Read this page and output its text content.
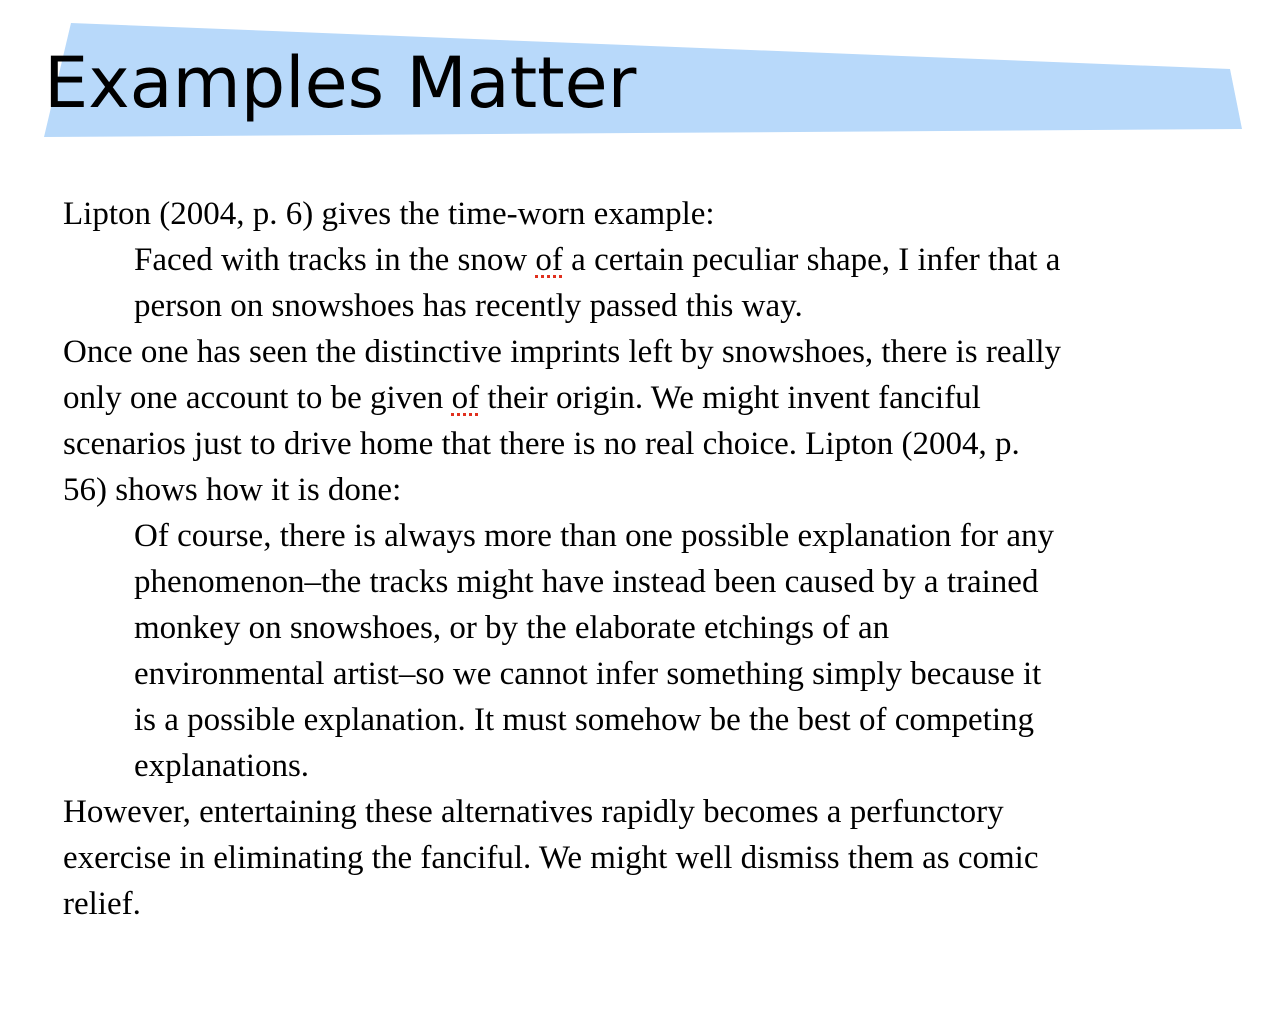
Examples Matter

Lipton (2004, p. 6) gives the time-worn example:

Faced with tracks in the snow of a certain peculiar shape, I infer that a person on snowshoes has recently passed this way.

Once one has seen the distinctive imprints left by snowshoes, there is really only one account to be given of their origin. We might invent fanciful scenarios just to drive home that there is no real choice. Lipton (2004, p. 56) shows how it is done:

Of course, there is always more than one possible explanation for any phenomenon–the tracks might have instead been caused by a trained monkey on snowshoes, or by the elaborate etchings of an environmental artist–so we cannot infer something simply because it is a possible explanation. It must somehow be the best of competing explanations.

However, entertaining these alternatives rapidly becomes a perfunctory exercise in eliminating the fanciful. We might well dismiss them as comic relief.
